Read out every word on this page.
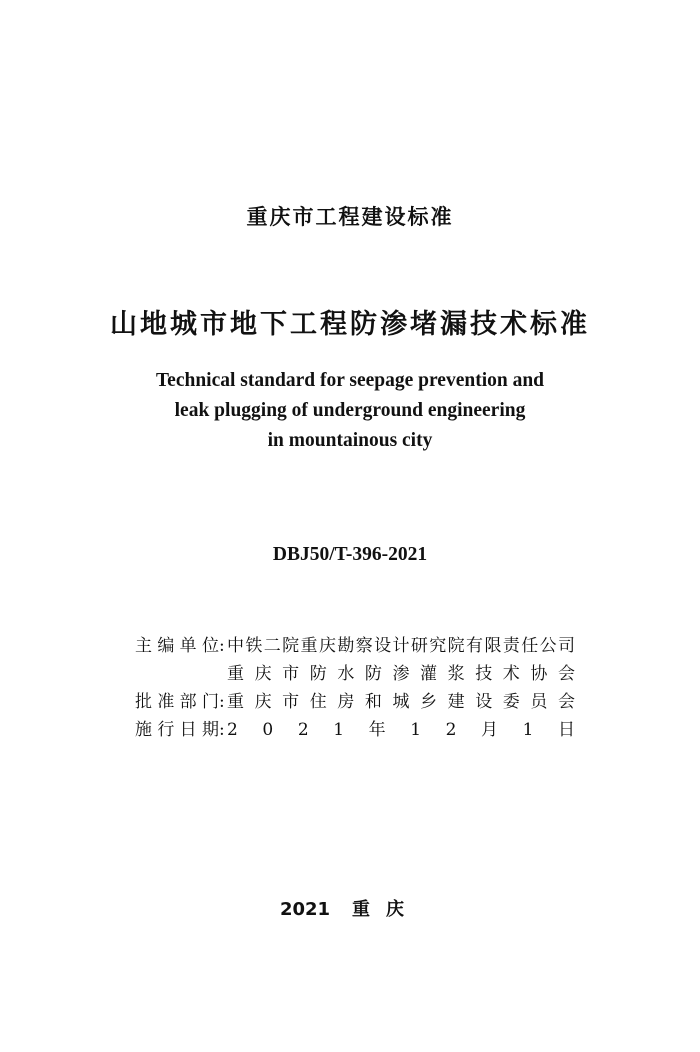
重庆市工程建设标准
山地城市地下工程防渗堵漏技术标准
Technical standard for seepage prevention and
leak plugging of underground engineering
in mountainous city
DBJ50/T-396-2021
主编单位 : 中铁二院重庆勘察设计研究院有限责任公司
重 庆 市 防 水 防 渗 灌 浆 技 术 协 会
批准部门 : 重 庆 市 住 房 和 城 乡 建 设 委 员 会
施行日期 : 2 0 2 1 年 1 2 月 1 日
2021 重庆
